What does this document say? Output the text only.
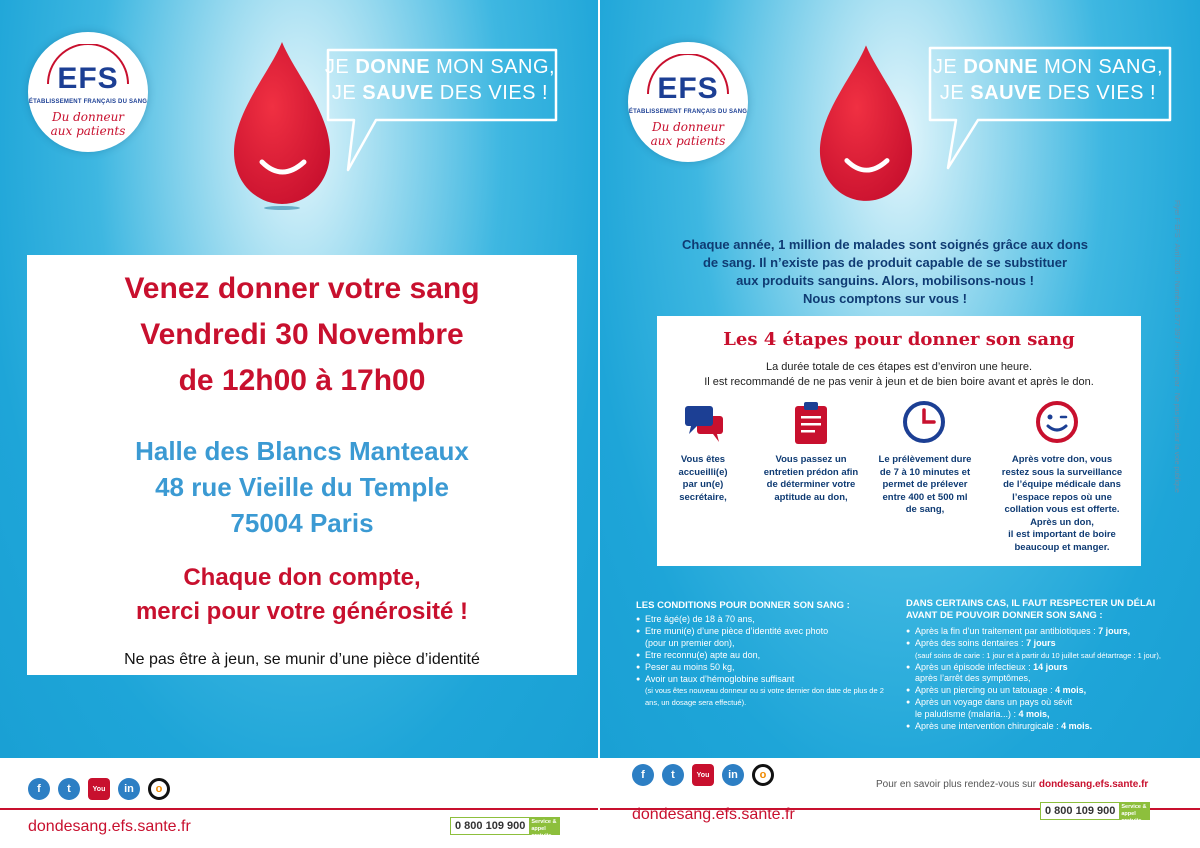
EFS
ÉTABLISSEMENT FRANÇAIS DU SANG
Du donneur
aux patients
JE DONNE MON SANG,
JE SAUVE DES VIES !
Venez donner votre sang
Vendredi 30 Novembre
de 12h00 à 17h00
Halle des Blancs Manteaux
48 rue Vieille du Temple
75004 Paris
Chaque don compte,
merci pour votre générosité !
Ne pas être à jeun, se munir d’une pièce d’identité
f	t	You	in	o
dondesang.efs.sante.fr	0 800 109 900	Service & appel gratuits
EFS
ÉTABLISSEMENT FRANÇAIS DU SANG
Du donneur
aux patients
JE DONNE MON SANG,
JE SAUVE DES VIES !
f	t	You	in	o
dondesang.efs.sante.fr	0 800 109 900	Service & appel gratuits
Chaque année, 1 million de malades sont soignés grâce aux dons
de sang. Il n’existe pas de produit capable de se substituer
aux produits sanguins. Alors, mobilisons-nous !
Nous comptons sur vous !
Les 4 étapes pour donner son sang
La durée totale de ces étapes est d’environ une heure.
Il est recommandé de ne pas venir à jeun et de bien boire avant et après le don.
Vous êtes
accueilli(e)
par un(e)
secrétaire,
Vous passez un
entretien prédon afin
de déterminer votre
aptitude au don,
Le prélèvement dure
de 7 à 10 minutes et
permet de prélever
entre 400 et 500 ml
de sang,
Après votre don, vous
restez sous la surveillance
de l’équipe médicale dans
l’espace repos où une
collation vous est offerte.
Après un don,
il est important de boire
beaucoup et manger.
LES CONDITIONS POUR DONNER SON SANG :
● Etre âgé(e) de 18 à 70 ans,
● Etre muni(e) d’une pièce d’identité avec photo
(pour un premier don),
● Etre reconnu(e) apte au don,
● Peser au moins 50 kg,
● Avoir un taux d’hémoglobine suffisant
(si vous êtes nouveau donneur ou si votre dernier don date de plus de 2 ans, un dosage sera effectué).
DANS CERTAINS CAS, IL FAUT RESPECTER UN DÉLAI AVANT DE POUVOIR DONNER SON SANG :
● Après la fin d’un traitement par antibiotiques : 7 jours,
● Après des soins dentaires : 7 jours
(sauf soins de carie : 1 jour et à partir du 10 juillet sauf détartrage : 1 jour),
● Après un épisode infectieux : 14 jours
après l’arrêt des symptômes,
● Après un piercing ou un tatouage : 4 mois,
● Après un voyage dans un pays où sévit
le paludisme (malaria...) : 4 mois,
● Après une intervention chirurgicale : 4 mois.
Pour en savoir plus rendez-vous sur dondesang.efs.sante.fr
Flyer F-EFS - Avril 2016 - Numéro B 577 397 / - Imprimé par : Ne pas jeter sur la voie publique
